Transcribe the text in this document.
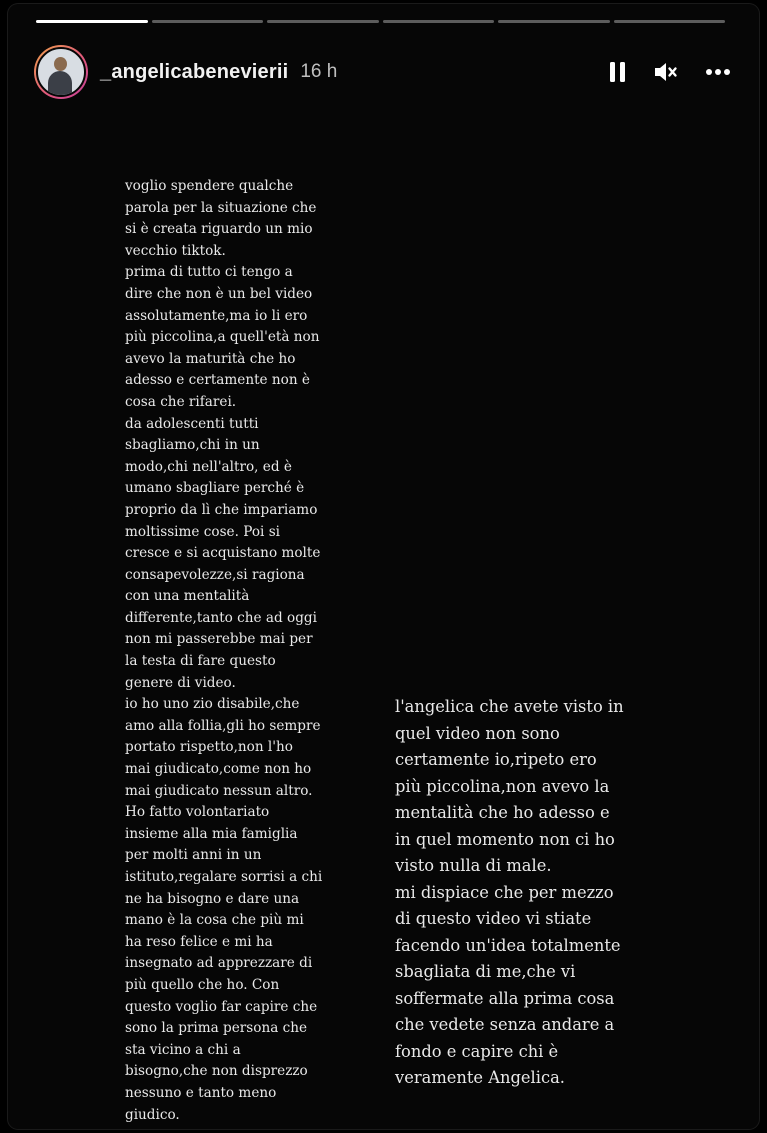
_angelicabenevierii 16 h

voglio spendere qualche
parola per la situazione che
si è creata riguardo un mio
vecchio tiktok.
prima di tutto ci tengo a
dire che non è un bel video
assolutamente,ma io li ero
più piccolina,a quell'età non
avevo la maturità che ho
adesso e certamente non è
cosa che rifarei.
da adolescenti tutti
sbagliamo,chi in un
modo,chi nell'altro, ed è
umano sbagliare perché è
proprio da lì che impariamo
moltissime cose. Poi si
cresce e si acquistano molte
consapevolezze,si ragiona
con una mentalità
differente,tanto che ad oggi
non mi passerebbe mai per
la testa di fare questo
genere di video.
io ho uno zio disabile,che
amo alla follia,gli ho sempre
portato rispetto,non l'ho
mai giudicato,come non ho
mai giudicato nessun altro.
Ho fatto volontariato
insieme alla mia famiglia
per molti anni in un
istituto,regalare sorrisi a chi
ne ha bisogno e dare una
mano è la cosa che più mi
ha reso felice e mi ha
insegnato ad apprezzare di
più quello che ho. Con
questo voglio far capire che
sono la prima persona che
sta vicino a chi a
bisogno,che non disprezzo
nessuno e tanto meno
giudico.

l'angelica che avete visto in
quel video non sono
certamente io,ripeto ero
più piccolina,non avevo la
mentalità che ho adesso e
in quel momento non ci ho
visto nulla di male.
mi dispiace che per mezzo
di questo video vi stiate
facendo un'idea totalmente
sbagliata di me,che vi
soffermate alla prima cosa
che vedete senza andare a
fondo e capire chi è
veramente Angelica.
